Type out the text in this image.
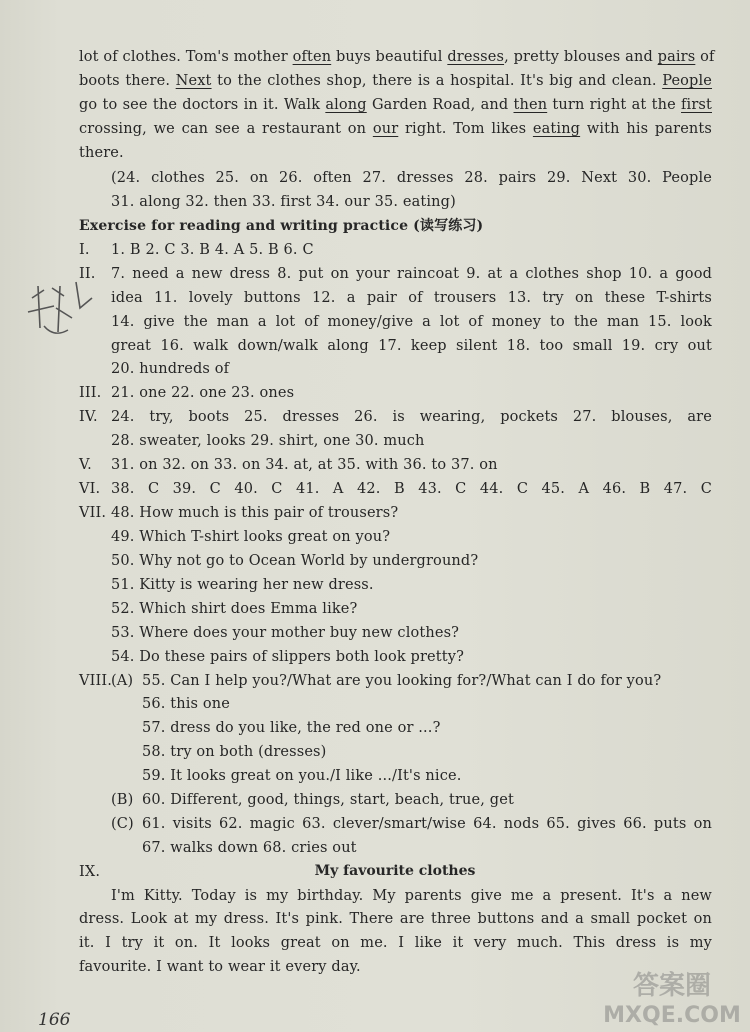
lot of clothes. Tom's mother often buys beautiful dresses, pretty blouses and pairs of
boots there. Next to the clothes shop, there is a hospital. It's big and clean. People
go to see the doctors in it. Walk along Garden Road, and then turn right at the first
crossing, we can see a restaurant on our right. Tom likes eating with his parents
there.
(24. clothes 25. on 26. often 27. dresses 28. pairs 29. Next 30. People
31. along 32. then 33. first 34. our 35. eating)
Exercise for reading and writing practice (读写练习)
I. 1. B 2. C 3. B 4. A 5. B 6. C
II.	7. need a new dress 8. put on your raincoat 9. at a clothes shop 10. a good
idea 11. lovely buttons 12. a pair of trousers 13. try on these T-shirts
14. give the man a lot of money/give a lot of money to the man 15. look
great 16. walk down/walk along 17. keep silent 18. too small 19. cry out
20. hundreds of
III. 21. one 22. one 23. ones
IV. 24. try, boots 25. dresses 26. is wearing, pockets 27. blouses, are
28. sweater, looks 29. shirt, one 30. much
V.	31. on 32. on 33. on 34. at, at 35. with 36. to 37. on
VI. 38. C 39. C 40. C 41. A 42. B 43. C 44. C 45. A 46. B 47. C
VII. 48. How much is this pair of trousers?
49. Which T-shirt looks great on you?
50. Why not go to Ocean World by underground?
51. Kitty is wearing her new dress.
52. Which shirt does Emma like?
53. Where does your mother buy new clothes?
54. Do these pairs of slippers both look pretty?
VIII.
(A) 55. Can I help you?/What are you looking for?/What can I do for you?
56. this one
57. dress do you like, the red one or ...?
58. try on both (dresses)
59. It looks great on you./I like .../It's nice.
(B) 60. Different, good, things, start, beach, true, get
(C) 61. visits 62. magic 63. clever/smart/wise 64. nods 65. gives 66. puts on
67. walks down 68. cries out
IX.	My favourite clothes
I'm Kitty. Today is my birthday. My parents give me a present. It's a new
dress. Look at my dress. It's pink. There are three buttons and a small pocket on
it. I try it on. It looks great on me. I like it very much. This dress is my
favourite. I want to wear it every day.
166
答案圈
MXQE.COM
